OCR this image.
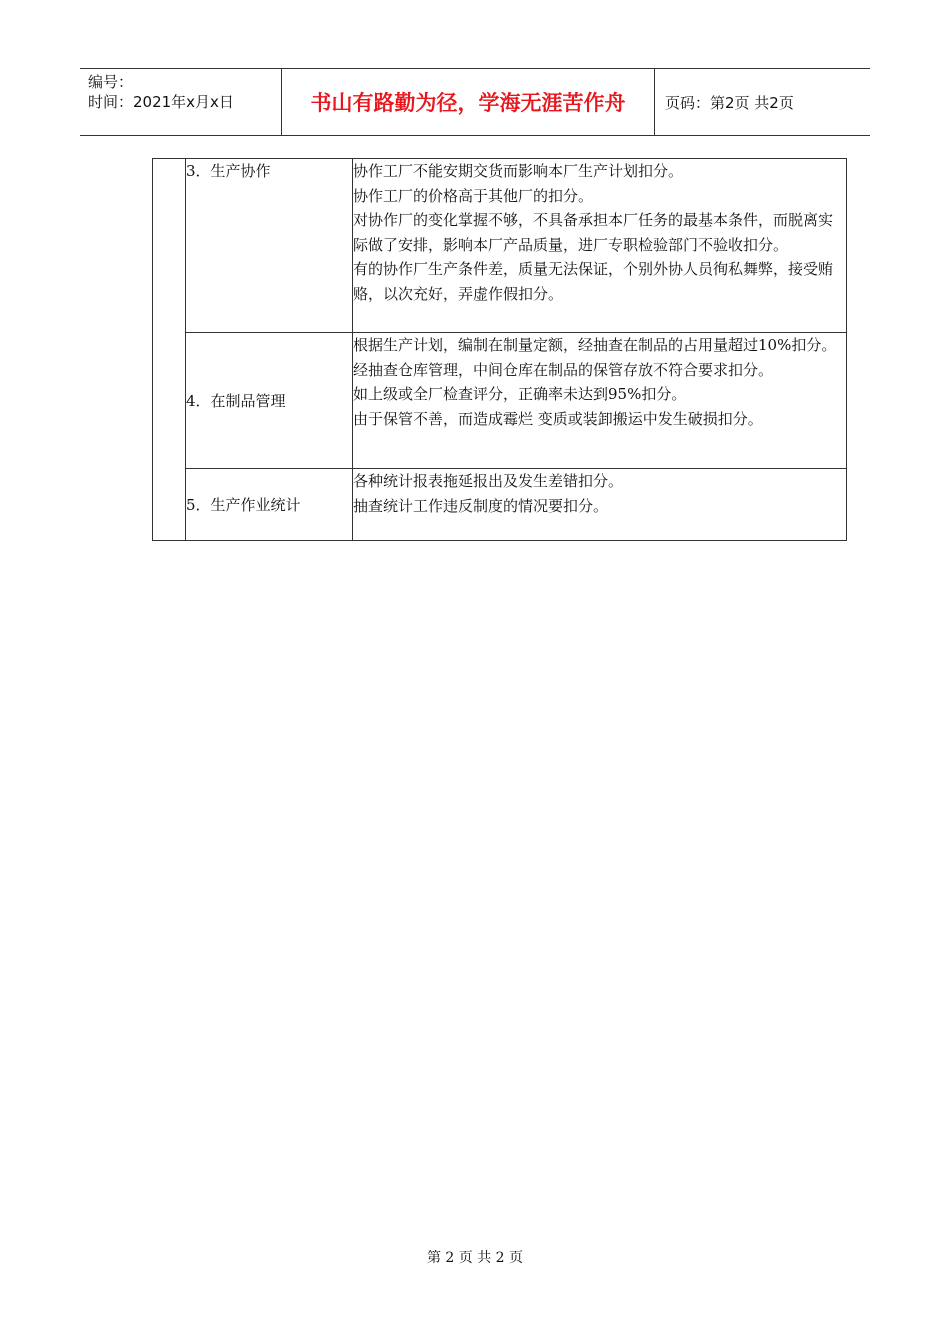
编号：
时间：2021年x月x日	书山有路勤为径，学海无涯苦作舟	页码：第2页 共2页
	3．生产协作	协作工厂不能安期交货而影响本厂生产计划扣分。

协作工厂的价格高于其他厂的扣分。

对协作厂的变化掌握不够，不具备承担本厂任务的最基本条件，而脱离实际做了安排，影响本厂产品质量，进厂专职检验部门不验收扣分。

有的协作厂生产条件差，质量无法保证，个别外协人员徇私舞弊，接受贿赂，以次充好，弄虚作假扣分。

	4．在制品管理	根据生产计划，编制在制量定额，经抽查在制品的占用量超过10%扣分。

经抽查仓库管理，中间仓库在制品的保管存放不符合要求扣分。

如上级或全厂检查评分，正确率未达到95%扣分。

由于保管不善，而造成霉烂 变质或装卸搬运中发生破损扣分。

	5．生产作业统计	各种统计报表拖延报出及发生差错扣分。

抽查统计工作违反制度的情况要扣分。

第 2 页 共 2 页
